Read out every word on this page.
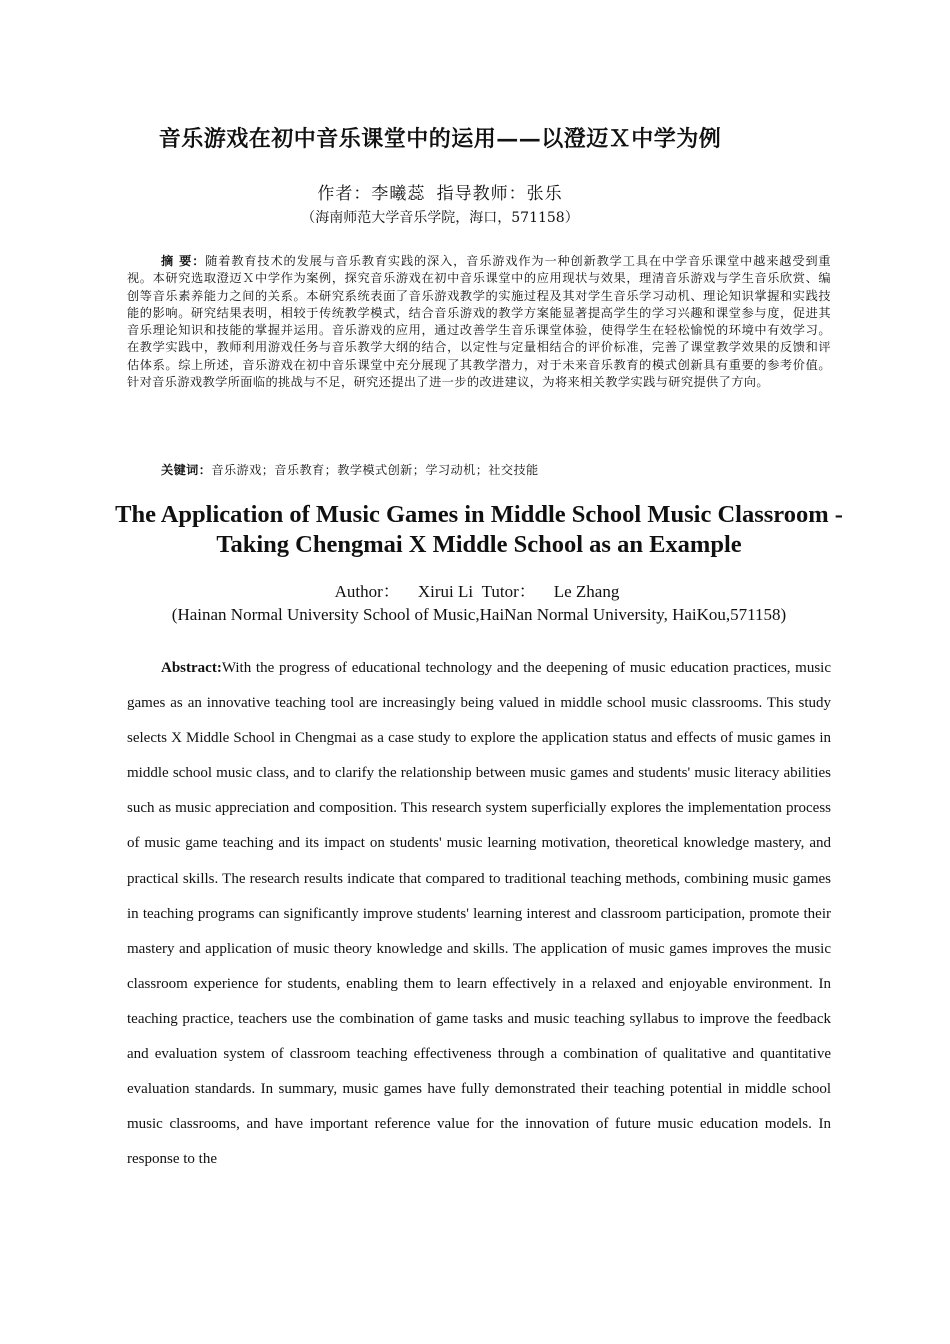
音乐游戏在初中音乐课堂中的运用——以澄迈Ｘ中学为例
作者：李曦蕊 指导教师：张乐
（海南师范大学音乐学院，海口，571158）
摘 要：随着教育技术的发展与音乐教育实践的深入，音乐游戏作为一种创新教学工具在中学音乐课堂中越来越受到重视。本研究选取澄迈Ｘ中学作为案例，探究音乐游戏在初中音乐课堂中的应用现状与效果，理清音乐游戏与学生音乐欣赏、编创等音乐素养能力之间的关系。本研究系统表面了音乐游戏教学的实施过程及其对学生音乐学习动机、理论知识掌握和实践技能的影响。研究结果表明，相较于传统教学模式，结合音乐游戏的教学方案能显著提高学生的学习兴趣和课堂参与度，促进其音乐理论知识和技能的掌握并运用。音乐游戏的应用，通过改善学生音乐课堂体验，使得学生在轻松愉悦的环境中有效学习。在教学实践中，教师利用游戏任务与音乐教学大纲的结合，以定性与定量相结合的评价标准，完善了课堂教学效果的反馈和评估体系。综上所述，音乐游戏在初中音乐课堂中充分展现了其教学潜力，对于未来音乐教育的模式创新具有重要的参考价值。针对音乐游戏教学所面临的挑战与不足，研究还提出了进一步的改进建议，为将来相关教学实践与研究提供了方向。
关键词：音乐游戏；音乐教育；教学模式创新；学习动机；社交技能
The Application of Music Games in Middle School Music Classroom - Taking Chengmai X Middle School as an Example
Author： Xirui Li Tutor： Le Zhang
(Hainan Normal University School of Music,HaiNan Normal University, HaiKou,571158)
Abstract:With the progress of educational technology and the deepening of music education practices, music games as an innovative teaching tool are increasingly being valued in middle school music classrooms. This study selects X Middle School in Chengmai as a case study to explore the application status and effects of music games in middle school music class, and to clarify the relationship between music games and students' music literacy abilities such as music appreciation and composition. This research system superficially explores the implementation process of music game teaching and its impact on students' music learning motivation, theoretical knowledge mastery, and practical skills. The research results indicate that compared to traditional teaching methods, combining music games in teaching programs can significantly improve students' learning interest and classroom participation, promote their mastery and application of music theory knowledge and skills. The application of music games improves the music classroom experience for students, enabling them to learn effectively in a relaxed and enjoyable environment. In teaching practice, teachers use the combination of game tasks and music teaching syllabus to improve the feedback and evaluation system of classroom teaching effectiveness through a combination of qualitative and quantitative evaluation standards. In summary, music games have fully demonstrated their teaching potential in middle school music classrooms, and have important reference value for the innovation of future music education models. In response to the
